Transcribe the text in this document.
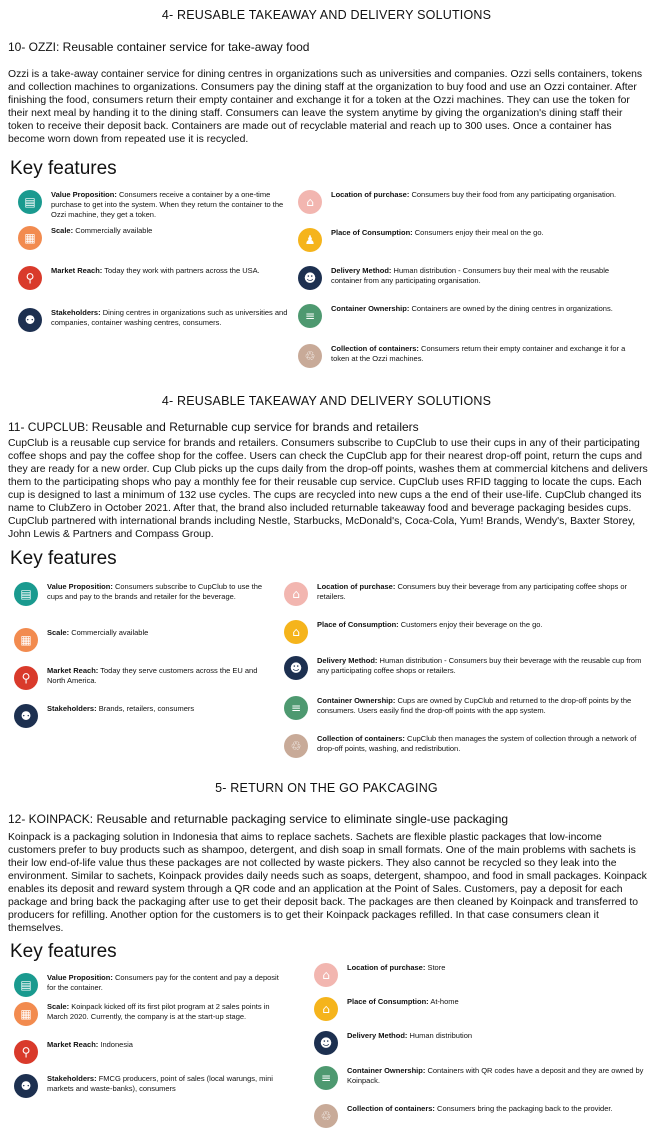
4- REUSABLE TAKEAWAY AND DELIVERY SOLUTIONS
10- OZZI: Reusable container service for take-away food
Ozzi is a take-away container service for dining centres in organizations such as universities and companies. Ozzi sells containers, tokens and collection machines to organizations. Consumers pay the dining staff at the organization to buy food and use an Ozzi container. After finishing the food, consumers return their empty container and exchange it for a token at the Ozzi machines. They can use the token for their next meal by handing it to the dining staff. Consumers can leave the system anytime by giving the organization's dining staff their token to receive their deposit back. Containers are made out of recyclable material and reach up to 300 uses. Once a container has become worn down from repeated use it is recycled.
Key features
▤
Value Proposition: Consumers receive a container by a one-time purchase to get into the system. When they return the container to the Ozzi machine, they get a token.
▦
Scale: Commercially available
⚲
Market Reach: Today they work with partners across the USA.
⚉
Stakeholders: Dining centres in organizations such as universities and companies, container washing centres, consumers.
⌂
Location of purchase: Consumers buy their food from any participating organisation.
♟
Place of Consumption: Consumers enjoy their meal on the go.
☻
Delivery Method: Human distribution - Consumers buy their meal with the reusable container from any participating organisation.
≡
Container Ownership: Containers are owned by the dining centres in organizations.
♲
Collection of containers: Consumers return their empty container and exchange it for a token at the Ozzi machines.
4- REUSABLE TAKEAWAY AND DELIVERY SOLUTIONS
11- CUPCLUB: Reusable and Returnable cup service for brands and retailers
CupClub is a reusable cup service for brands and retailers. Consumers subscribe to CupClub to use their cups in any of their participating coffee shops and pay the coffee shop for the coffee. Users can check the CupClub app for their nearest drop-off point, return the cups and they are ready for a new order. Cup Club picks up the cups daily from the drop-off points, washes them at commercial kitchens and delivers them to the participating shops who pay a monthly fee for their reusable cup service. CupClub uses RFID tagging to locate the cups. Each cup is designed to last a minimum of 132 use cycles. The cups are recycled into new cups a the end of their use-life. CupClub changed its name to ClubZero in October 2021. After that, the brand also included returnable takeaway food and beverage packaging besides cups. CupClub partnered with international brands including Nestle, Starbucks, McDonald's, Coca-Cola, Yum! Brands, Wendy's, Baxter Storey, John Lewis & Partners and Compass Group.
Key features
▤
Value Proposition: Consumers subscribe to CupClub to use the cups and pay to the brands and retailer for the beverage.
▦
Scale: Commercially available
⚲
Market Reach: Today they serve customers across the EU and North America.
⚉
Stakeholders: Brands, retailers, consumers
⌂
Location of purchase: Consumers buy their beverage from any participating coffee shops or retailers.
⌂
Place of Consumption: Customers enjoy their beverage on the go.
☻
Delivery Method: Human distribution - Consumers buy their beverage with the reusable cup from any participating coffee shops or retailers.
≡
Container Ownership: Cups are owned by CupClub and returned to the drop-off points by the consumers. Users easily find the drop-off points with the app system.
♲
Collection of containers: CupClub then manages the system of collection through a network of drop-off points, washing, and redistribution.
5- RETURN ON THE GO PAKCAGING
12- KOINPACK: Reusable and returnable packaging service to eliminate single-use packaging
Koinpack is a packaging solution in Indonesia that aims to replace sachets. Sachets are flexible plastic packages that low-income customers prefer to buy products such as shampoo, detergent, and dish soap in small formats. One of the main problems with sachets is their low end-of-life value thus these packages are not collected by waste pickers. They also cannot be recycled so they leak into the environment. Similar to sachets, Koinpack provides daily needs such as soaps, detergent, shampoo, and food in small packages. Koinpack enables its deposit and reward system through a QR code and an application at the Point of Sales. Customers, pay a deposit for each package and bring back the packaging after use to get their deposit back. The packages are then cleaned by Koinpack and transferred to producers for refilling. Another option for the customers is to get their Koinpack packages refilled. In that case consumers clean it themselves.
Key features
▤
Value Proposition: Consumers pay for the content and pay a deposit for the container.
▦
Scale: Koinpack kicked off its first pilot program at 2 sales points in March 2020. Currently, the company is at the start-up stage.
⚲
Market Reach: Indonesia
⚉
Stakeholders: FMCG producers, point of sales (local warungs, mini markets and waste-banks), consumers
⌂
Location of purchase: Store
⌂
Place of Consumption: At-home
☻
Delivery Method: Human distribution
≡
Container Ownership: Containers with QR codes have a deposit and they are owned by Koinpack.
♲
Collection of containers: Consumers bring the packaging back to the provider.
